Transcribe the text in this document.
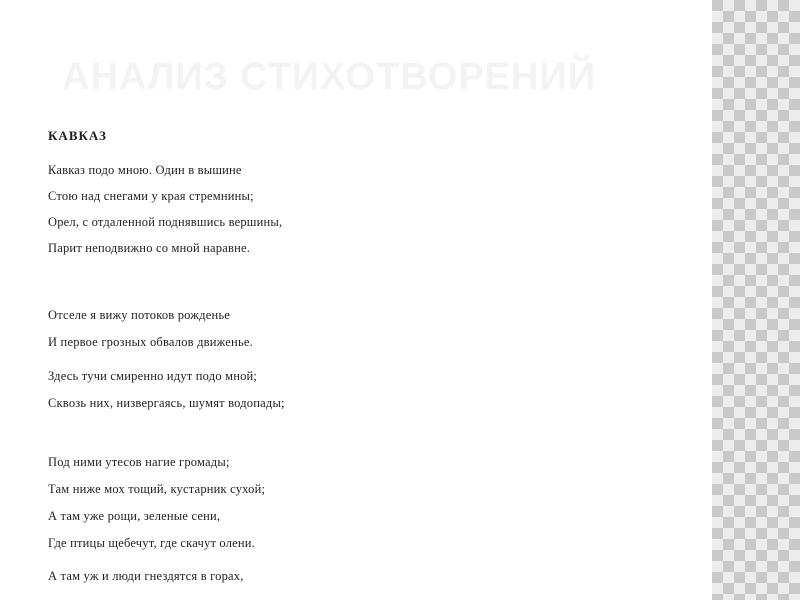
АНАЛИЗ СТИХОТВОРЕНИЙ
КАВКАЗ

Кавказ подо мною. Один в вышине

Стою над снегами у края стремнины;

Орел, с отдаленной поднявшись вершины,

Парит неподвижно со мной наравне.

Отселе я вижу потоков рожденье

И первое грозных обвалов движенье.

Здесь тучи смиренно идут подо мной;

Сквозь них, низвергаясь, шумят водопады;

Под ними утесов нагие громады;

Там ниже мох тощий, кустарник сухой;

А там уже рощи, зеленые сени,

Где птицы щебечут, где скачут олени.

А там уж и люди гнездятся в горах,
